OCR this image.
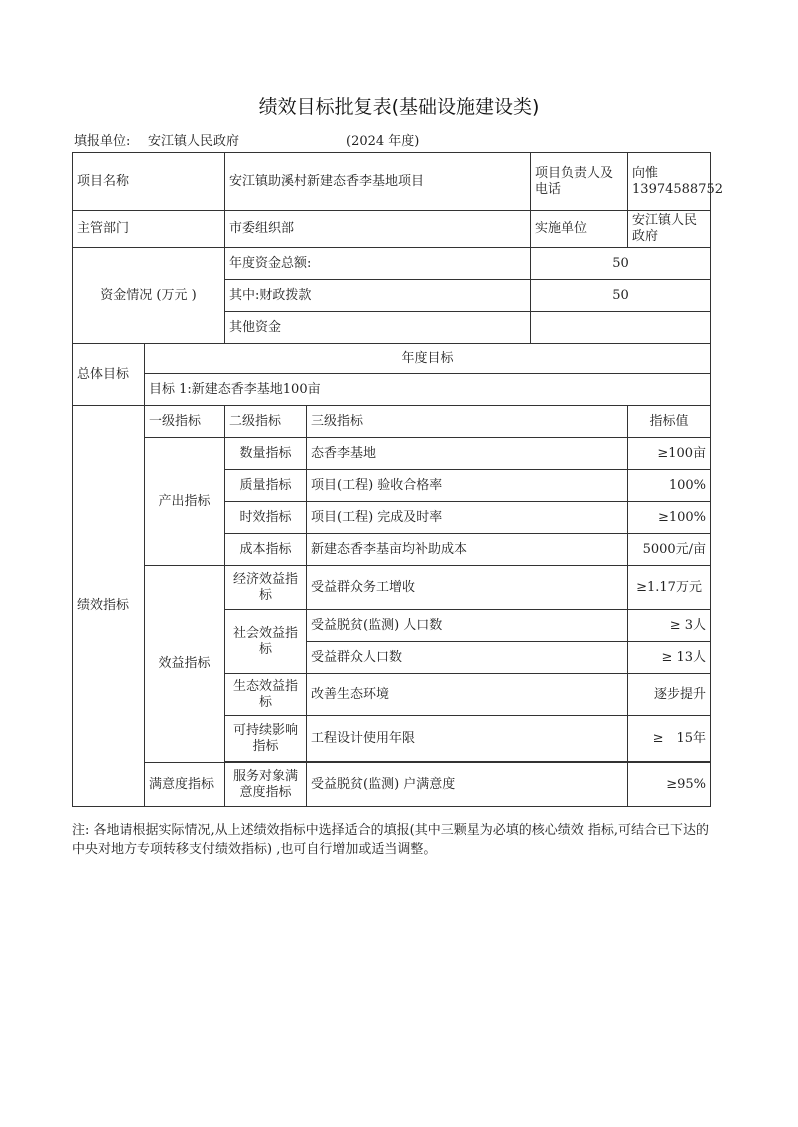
绩效目标批复表(基础设施建设类)
填报单位: 安江镇人民政府	(2024 年度)
项目名称		安江镇助溪村新建态香李基地项目		项目负责人及电话	向惟13974588752
主管部门		市委组织部		实施单位	安江镇人民政府
资金情况 (万元 )		年度资金总额:		50	
		其中:财政拨款		50	
		其他资金			
总体目标	年度目标				
	目标 1:新建态香李基地100亩				
绩效指标	一级指标	二级指标	三级指标		指标值
	产出指标	数量指标	态香李基地		≥100亩
		质量指标	项目(工程) 验收合格率		100%
		时效指标	项目(工程) 完成及时率		≥100%
		成本指标	新建态香李基亩均补助成本		5000元/亩
	效益指标	经济效益指标	受益群众务工增收		≥1.17万元
		社会效益指标	受益脱贫(监测) 人口数		≥ 3人
			受益群众人口数		≥ 13人
		生态效益指标	改善生态环境		逐步提升
		可持续影响指标	工程设计使用年限		≥　15年

	满意度指标	服务对象满意度指标	受益脱贫(监测) 户满意度		≥95%
注: 各地请根据实际情况,从上述绩效指标中选择适合的填报(其中三颗星为必填的核心绩效 指标,可结合已下达的中央对地方专项转移支付绩效指标) ,也可自行增加或适当调整。
